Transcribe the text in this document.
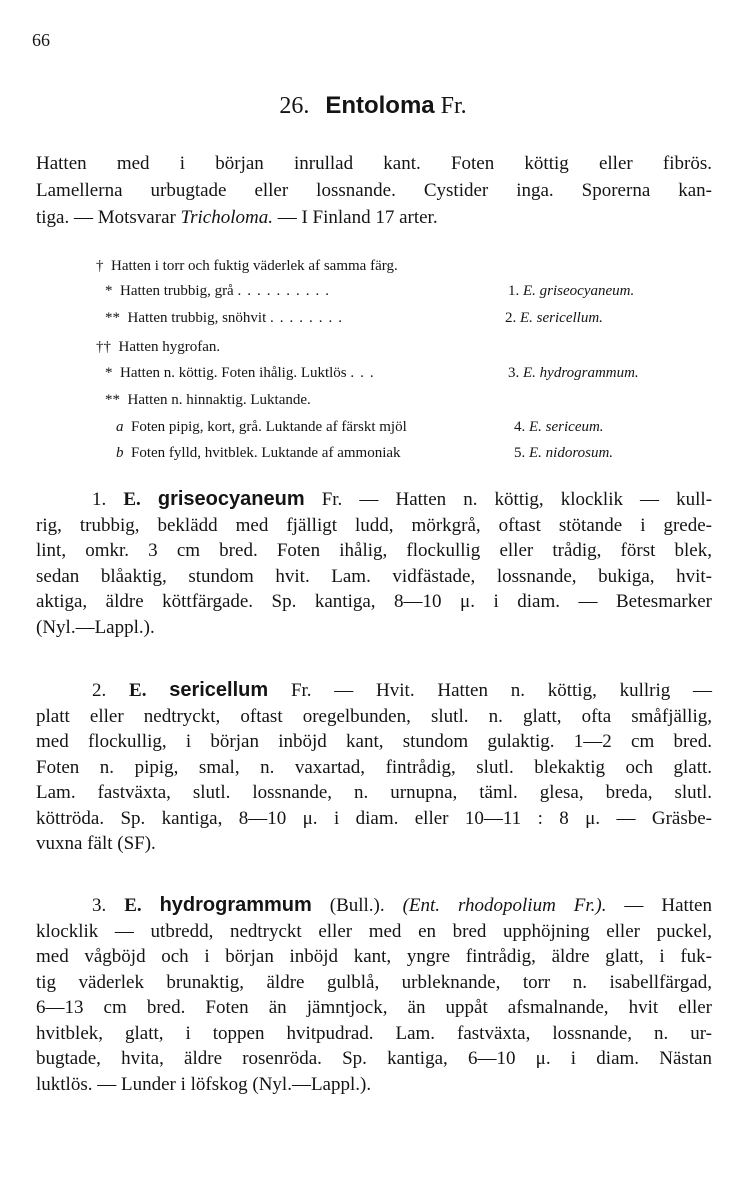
66
26. Entoloma Fr.
Hatten med i början inrullad kant. Foten köttig eller fibrös.
Lamellerna urbugtade eller lossnande. Cystider inga. Sporerna kan-
tiga. — Motsvarar Tricholoma. — I Finland 17 arter.
† Hatten i torr och fuktig väderlek af samma färg.
* Hatten trubbig, grå ..........	1. E. griseocyaneum.
** Hatten trubbig, snöhvit ........	2. E. sericellum.
†† Hatten hygrofan.
* Hatten n. köttig. Foten ihålig. Luktlös ...	3. E. hydrogrammum.
** Hatten n. hinnaktig. Luktande.
a Foten pipig, kort, grå. Luktande af färskt mjöl	4. E. sericeum.
b Foten fylld, hvitblek. Luktande af ammoniak	5. E. nidorosum.
1. E. griseocyaneum Fr. — Hatten n. köttig, klocklik — kull-
rig, trubbig, beklädd med fjälligt ludd, mörkgrå, oftast stötande i grede-
lint, omkr. 3 cm bred. Foten ihålig, flockullig eller trådig, först blek,
sedan blåaktig, stundom hvit. Lam. vidfästade, lossnande, bukiga, hvit-
aktiga, äldre köttfärgade. Sp. kantiga, 8—10 μ. i diam. — Betesmarker
(Nyl.—Lappl.).
2. E. sericellum Fr. — Hvit. Hatten n. köttig, kullrig —
platt eller nedtryckt, oftast oregelbunden, slutl. n. glatt, ofta småfjällig,
med flockullig, i början inböjd kant, stundom gulaktig. 1—2 cm bred.
Foten n. pipig, smal, n. vaxartad, fintrådig, slutl. blekaktig och glatt.
Lam. fastväxta, slutl. lossnande, n. urnupna, täml. glesa, breda, slutl.
köttröda. Sp. kantiga, 8—10 μ. i diam. eller 10—11 : 8 μ. — Gräsbe-
vuxna fält (SF).
3. E. hydrogrammum (Bull.). (Ent. rhodopolium Fr.). — Hatten
klocklik — utbredd, nedtryckt eller med en bred upphöjning eller puckel,
med vågböjd och i början inböjd kant, yngre fintrådig, äldre glatt, i fuk-
tig väderlek brunaktig, äldre gulblå, urbleknande, torr n. isabellfärgad,
6—13 cm bred. Foten än jämntjock, än uppåt afsmalnande, hvit eller
hvitblek, glatt, i toppen hvitpudrad. Lam. fastväxta, lossnande, n. ur-
bugtade, hvita, äldre rosenröda. Sp. kantiga, 6—10 μ. i diam. Nästan
luktlös. — Lunder i löfskog (Nyl.—Lappl.).
